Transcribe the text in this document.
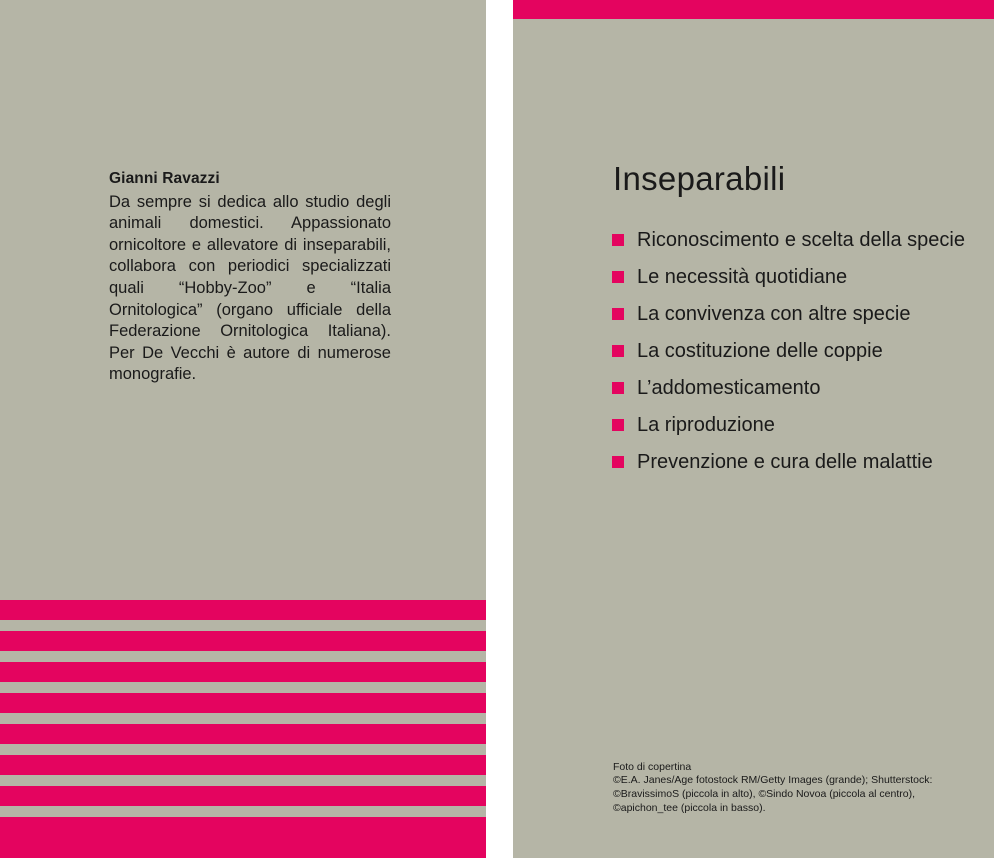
Gianni Ravazzi

Da sempre si dedica allo studio degli animali domestici. Appassionato ornicoltore e allevatore di inseparabili, collabora con periodici specializzati quali “Hobby-Zoo” e “Italia Ornitologica” (organo ufficiale della Federazione Ornitologica Italiana). Per De Vecchi è autore di numerose monografie.

Inseparabili
Riconoscimento e scelta della specie
Le necessità quotidiane
La convivenza con altre specie
La costituzione delle coppie
L’addomesticamento
La riproduzione
Prevenzione e cura delle malattie
Foto di copertina
©E.A. Janes/Age fotostock RM/Getty Images (grande); Shutterstock: ©BravissimoS (piccola in alto), ©Sindo Novoa (piccola al centro), ©apichon_tee (piccola in basso).
